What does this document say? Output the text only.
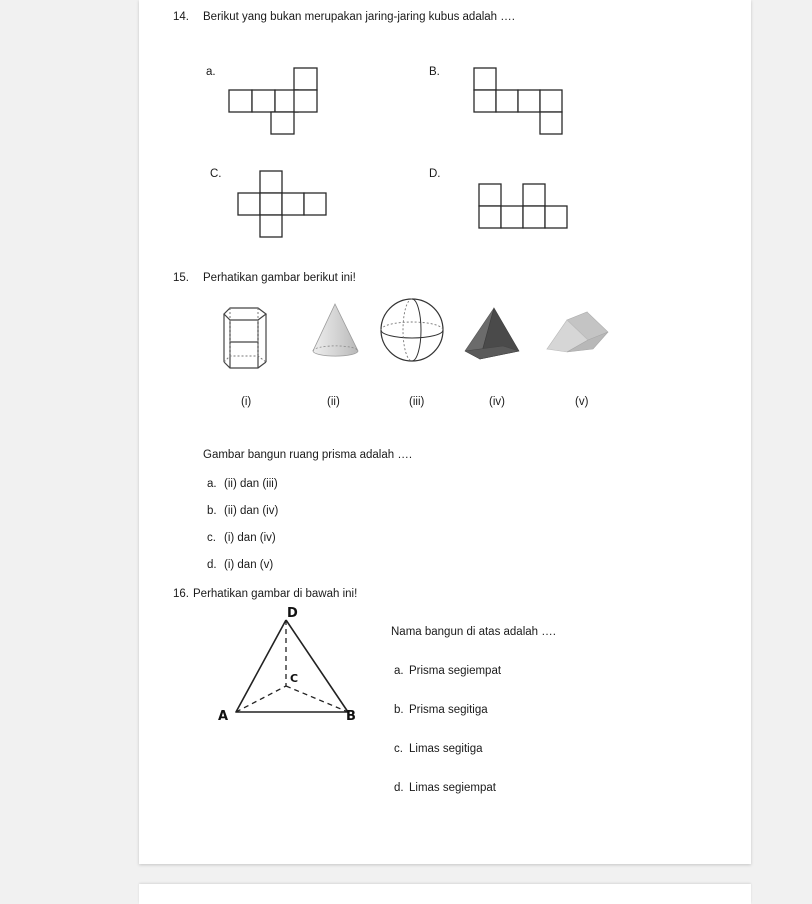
14. Berikut yang bukan merupakan jaring-jaring kubus adalah ….
a.	B.
C.	D.
15. Perhatikan gambar berikut ini!
(i)	(ii)	(iii)	(iv)	(v)
Gambar bangun ruang prisma adalah ….
a. (ii) dan (iii)
b. (ii) dan (iv)
c. (i) dan (iv)
d. (i) dan (v)
16. Perhatikan gambar di bawah ini!
D
C
A	B
Nama bangun di atas adalah ….
a. Prisma segiempat
b. Prisma segitiga
c. Limas segitiga
d. Limas segiempat
